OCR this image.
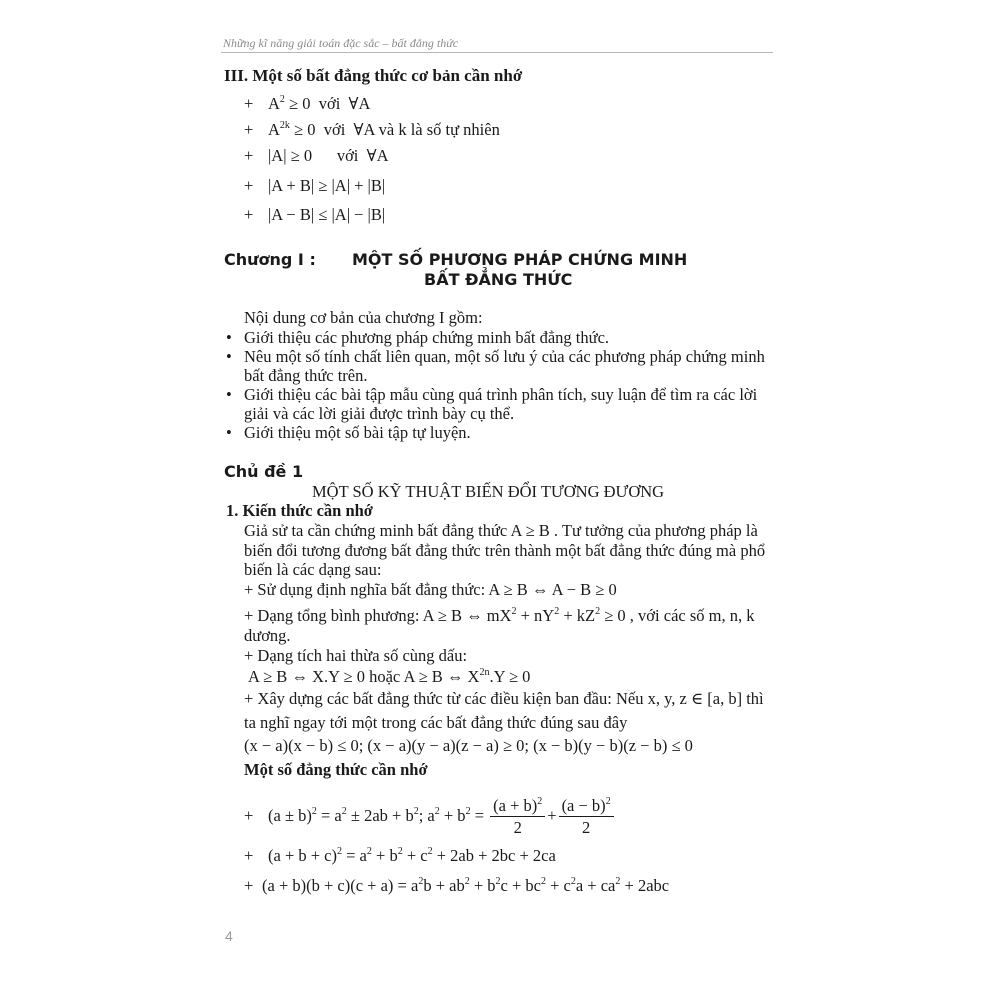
Những kĩ năng giải toán đặc sắc – bất đẳng thức
III. Một số bất đẳng thức cơ bản cần nhớ
+ $A^2 \ge 0$  với  ∀A
+ $A^{2k} \ge 0$  với  ∀A và k là số tự nhiên
+ |A| ≥ 0      với  ∀A
+ |A + B| ≥ |A| + |B|
+ |A − B| ≤ |A| − |B|
Chương I : MỘT SỐ PHƯƠNG PHÁP CHỨNG MINH
BẤT ĐẲNG THỨC
Nội dung cơ bản của chương I gồm:
• Giới thiệu các phương pháp chứng minh bất đẳng thức.
• Nêu một số tính chất liên quan, một số lưu ý của các phương pháp chứng minh
bất đẳng thức trên.
• Giới thiệu các bài tập mẫu cùng quá trình phân tích, suy luận để tìm ra các lời
giải và các lời giải được trình bày cụ thể.
• Giới thiệu một số bài tập tự luyện.
Chủ đề 1
MỘT SỐ KỸ THUẬT BIẾN ĐỔI TƯƠNG ĐƯƠNG
1. Kiến thức cần nhớ
Giả sử ta cần chứng minh bất đẳng thức A ≥ B . Tư tưởng của phương pháp là
biến đổi tương đương bất đẳng thức trên thành một bất đẳng thức đúng mà phổ
biến là các dạng sau:
+ Sử dụng định nghĩa bất đẳng thức: A ≥ B ⇔ A − B ≥ 0
+ Dạng tổng bình phương: A ≥ B ⇔ $mX^2 + nY^2 + kZ^2 \ge 0$ , với các số m, n, k
dương.
+ Dạng tích hai thừa số cùng dấu:
A ≥ B ⇔ X.Y ≥ 0 hoặc A ≥ B ⇔ $X^{2n}.Y \ge 0$
+ Xây dựng các bất đẳng thức từ các điều kiện ban đầu: Nếu x, y, z ∈ [a, b] thì
ta nghĩ ngay tới một trong các bất đẳng thức đúng sau đây
(x − a)(x − b) ≤ 0; (x − a)(y − a)(z − a) ≥ 0; (x − b)(y − b)(z − b) ≤ 0
Một số đẳng thức cần nhớ
+ $(a \pm b)^2 = a^2 \pm 2ab + b^2$; $a^2 + b^2 = \frac{(a + b)^2}{2} + \frac{(a - b)^2}{2}$
+ $(a + b + c)^2 = a^2 + b^2 + c^2 + 2ab + 2bc + 2ca$
+ $(a + b)(b + c)(c + a) = a^2b + ab^2 + b^2c + bc^2 + c^2a + ca^2 + 2abc$
4
